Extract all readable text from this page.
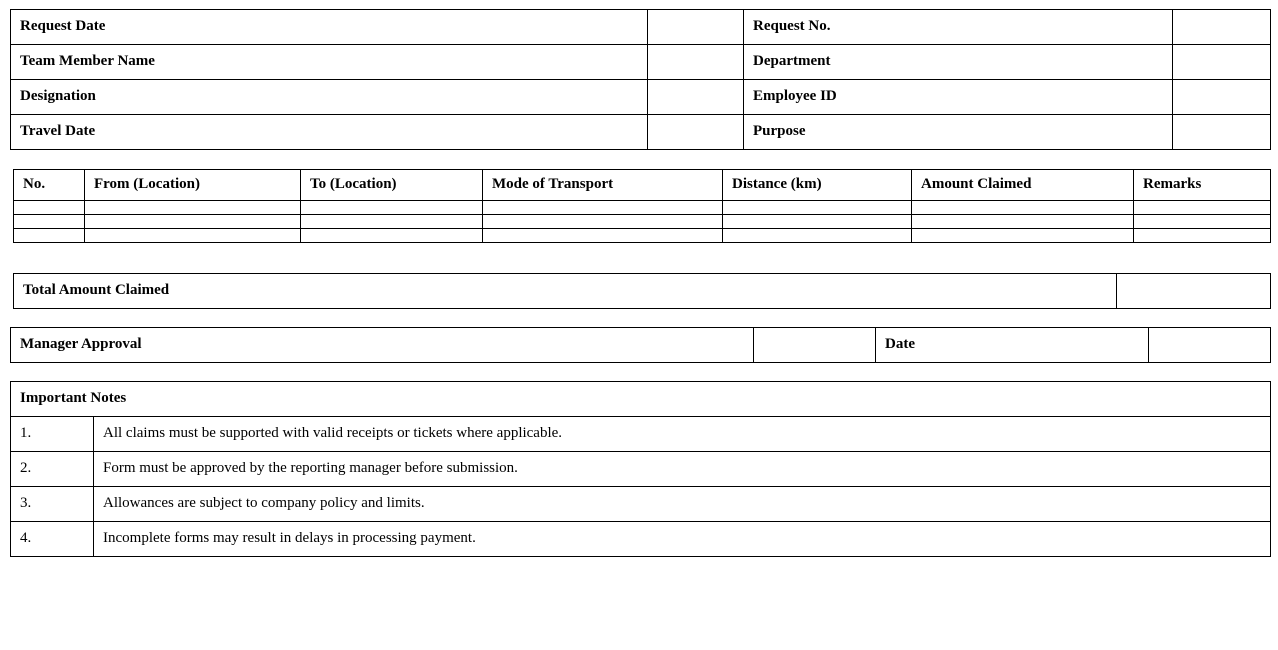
Request Date		Request No.	
Team Member Name		Department	
Designation		Employee ID	
Travel Date		Purpose	
No.	From (Location)	To (Location)	Mode of Transport	Distance (km)	Amount Claimed	Remarks

Total Amount Claimed	
Manager Approval		Date	
Important Notes	
1.	All claims must be supported with valid receipts or tickets where applicable.
2.	Form must be approved by the reporting manager before submission.
3.	Allowances are subject to company policy and limits.
4.	Incomplete forms may result in delays in processing payment.
